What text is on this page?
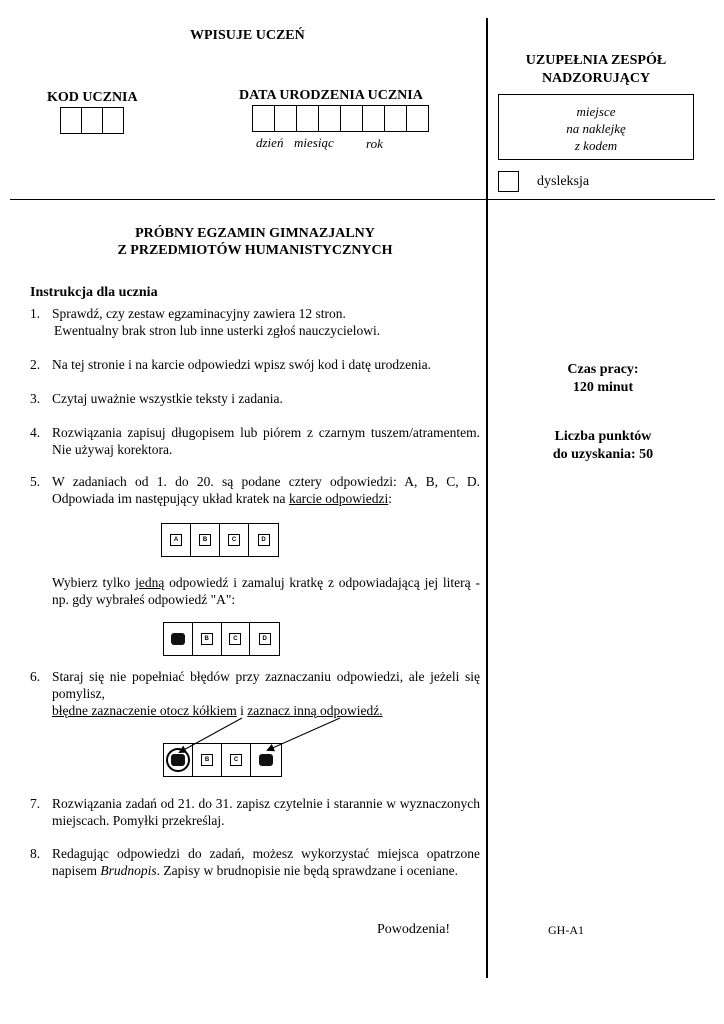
WPISUJE UCZEŃ
KOD UCZNIA	DATA URODZENIA UCZNIA
dzień miesiąc rok
UZUPEŁNIA ZESPÓŁ
NADZORUJĄCY
miejsce
na naklejkę
z kodem
dysleksja
PRÓBNY EGZAMIN GIMNAZJALNY
Z PRZEDMIOTÓW HUMANISTYCZNYCH
Instrukcja dla ucznia
1. Sprawdź, czy zestaw egzaminacyjny zawiera 12 stron.
Ewentualny brak stron lub inne usterki zgłoś nauczycielowi.
2. Na tej stronie i na karcie odpowiedzi wpisz swój kod i datę urodzenia.
3. Czytaj uważnie wszystkie teksty i zadania.
4. Rozwiązania zapisuj długopisem lub piórem z czarnym tuszem/atramentem. Nie używaj korektora.
5. W zadaniach od 1. do 20. są podane cztery odpowiedzi: A, B, C, D. Odpowiada im następujący układ kratek na karcie odpowiedzi:
A	B	C	D
Wybierz tylko jedną odpowiedź i zamaluj kratkę z odpowiadającą jej literą - np. gdy wybrałeś odpowiedź "A":
B	C	D
6. Staraj się nie popełniać błędów przy zaznaczaniu odpowiedzi, ale jeżeli się pomylisz,
błędne zaznaczenie otocz kółkiem i zaznacz inną odpowiedź.
B	C
7. Rozwiązania zadań od 21. do 31. zapisz czytelnie i starannie w wyznaczonych miejscach. Pomyłki przekreślaj.
8. Redagując odpowiedzi do zadań, możesz wykorzystać miejsca opatrzone napisem Brudnopis. Zapisy w brudnopisie nie będą sprawdzane i oceniane.
Powodzenia!
Czas pracy:
120 minut
Liczba punktów
do uzyskania: 50
GH-A1
